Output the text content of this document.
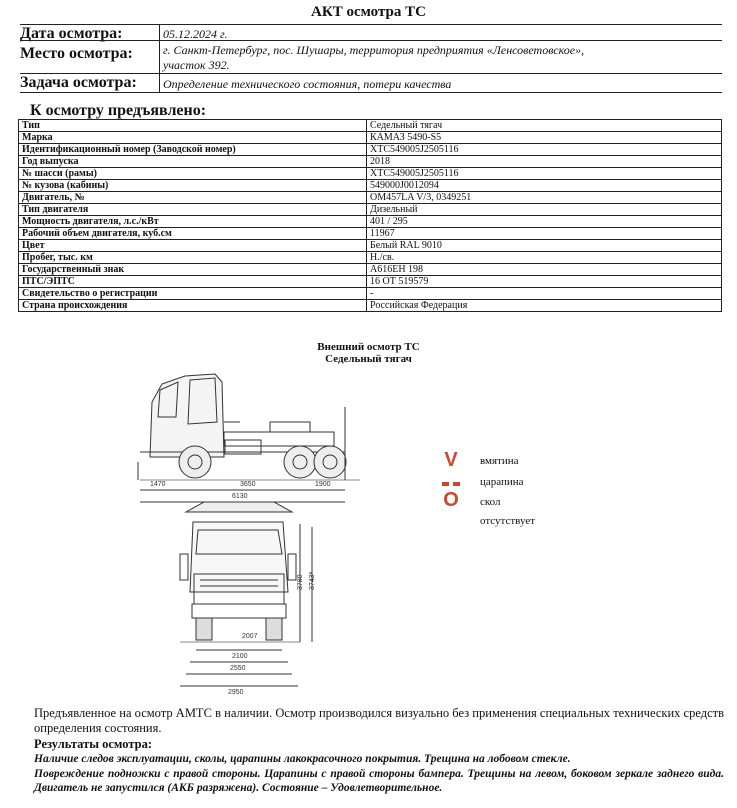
АКТ осмотра ТС
Дата осмотра:	05.12.2024 г.
Место осмотра:	г. Санкт-Петербург, пос. Шушары, территория предприятия «Ленсоветовское»,
участок 392.
Задача осмотра: Определение технического состояния, потери качества
К осмотру предъявлено:
Тип	Седельный тягач
Марка	КАМАЗ 5490-S5
Идентификационный номер (Заводской номер)	XTC549005J2505116
Год выпуска	2018
№ шасси (рамы)	XTC549005J2505116
№ кузова (кабины)	549000J0012094
Двигатель, №	OM457LA V/3, 0349251
Тип двигателя	Дизельный
Мощность двигателя, л.с./кВт	401 / 295
Рабочий объем двигателя, куб.см	11967
Цвет	Белый RAL 9010
Пробег, тыс. км	Н./св.
Государственный знак	А616ЕН 198
ПТС/ЭПТС	16 ОТ 519579
Свидетельство о регистрации	-
Страна происхождения	Российская Федерация
Внешний осмотр ТС
Седельный тягач
1470	3650	1900
6130
3780 3743*
2007
2100
2550
2950
V	вмятина
царапина
O скол
отсутствует
Предъявленное на осмотр АМТС в наличии. Осмотр производился визуально без применения специальных технических средств определения состояния.
Результаты осмотра:
Наличие следов эксплуатации, сколы, царапины лакокрасочного покрытия. Трещина на лобовом стекле.
Повреждение подножки с правой стороны. Царапины с правой стороны бампера. Трещины на левом, боковом зеркале заднего вида. Двигатель не запустился (АКБ разряжена). Состояние – Удовлетворительное.
